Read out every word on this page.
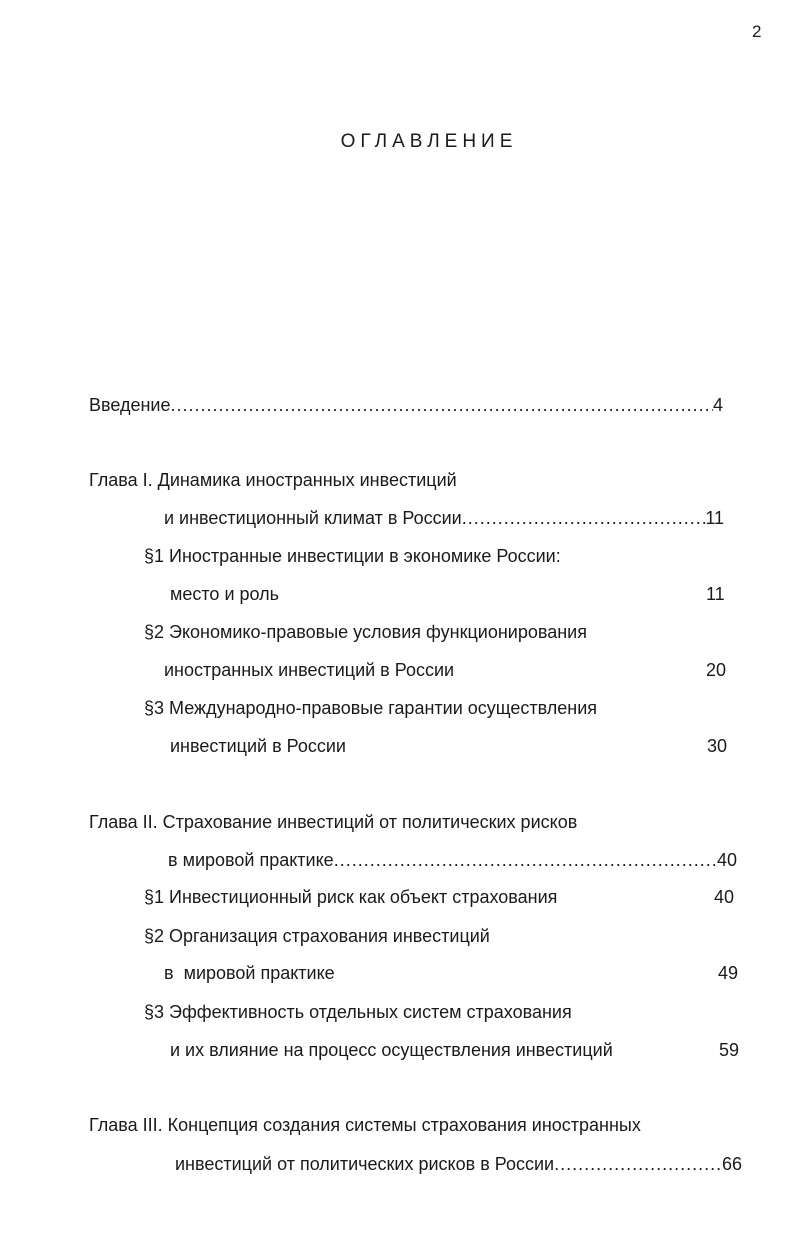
2
ОГЛАВЛЕНИЕ
Введение .....	4
Глава I. Динамика иностранных инвестиций
и инвестиционный климат в России .....	11
§1 Иностранные инвестиции в экономике России:
место и роль	11
§2 Экономико-правовые условия функционирования
иностранных инвестиций в России	20
§3 Международно-правовые гарантии осуществления
инвестиций в России	30
Глава II. Страхование инвестиций от политических рисков
в мировой практике .....	40
§1 Инвестиционный риск как объект страхования	40
§2 Организация страхования инвестиций
в  мировой практике	49
§3 Эффективность отдельных систем страхования
и их влияние на процесс осуществления инвестиций	59
Глава III. Концепция создания системы страхования иностранных
инвестиций от политических рисков в России .....	66
